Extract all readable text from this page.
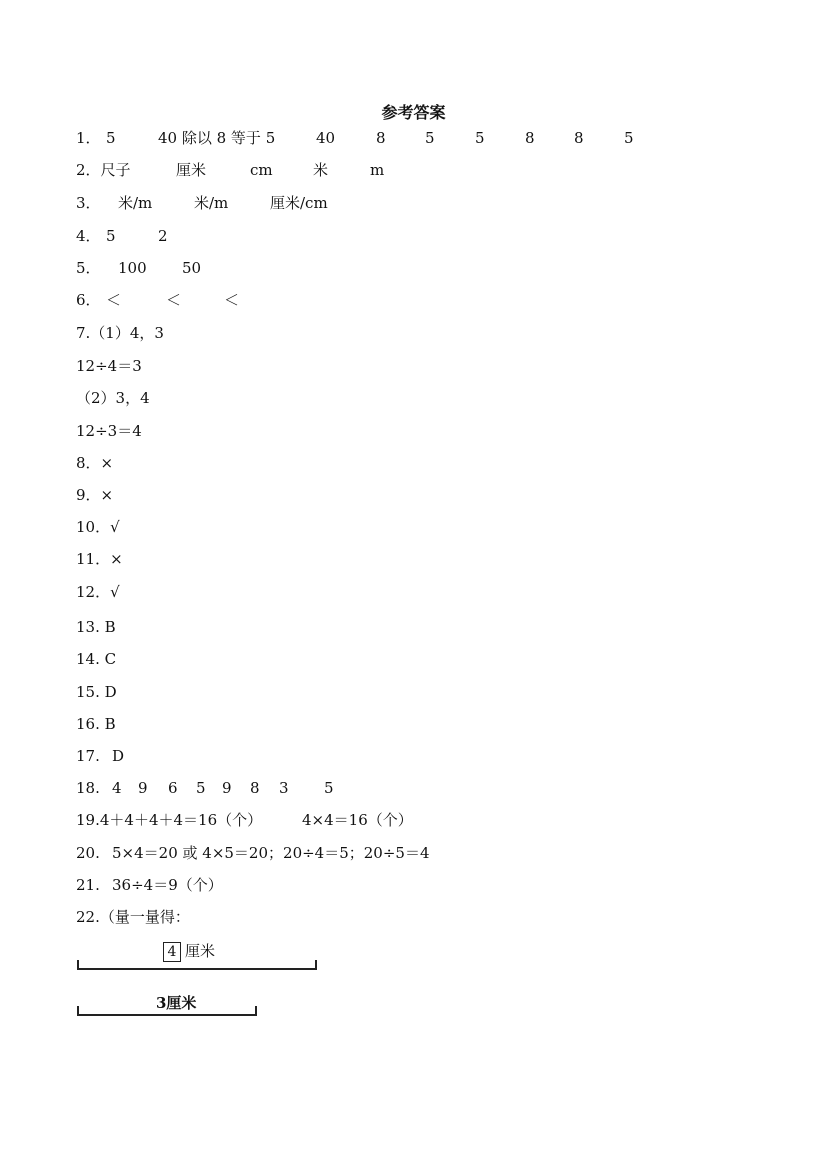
参考答案
1． 5	40 除以 8 等于 5	40	8	5	5	8	8	5
2．尺子	厘米	cm	米	m
3． 米/m	米/m	厘米/cm
4． 5	2
5． 100 50
6． ＜	＜	＜
7.（1）4，3
12÷4＝3
（2）3，4
12÷3＝4
8．×
9．×
10．√
11．×
12．√
13. B
14. C
15. D
16. B
17. D
18. 4 9 6 5 9 8 3 5
19.4＋4＋4＋4＝16（个）	4×4＝16（个）
20. 5×4＝20 或 4×5＝20；20÷4＝5；20÷5＝4
21. 36÷4＝9（个）
22.（量一量得：
4 厘米
3厘米
